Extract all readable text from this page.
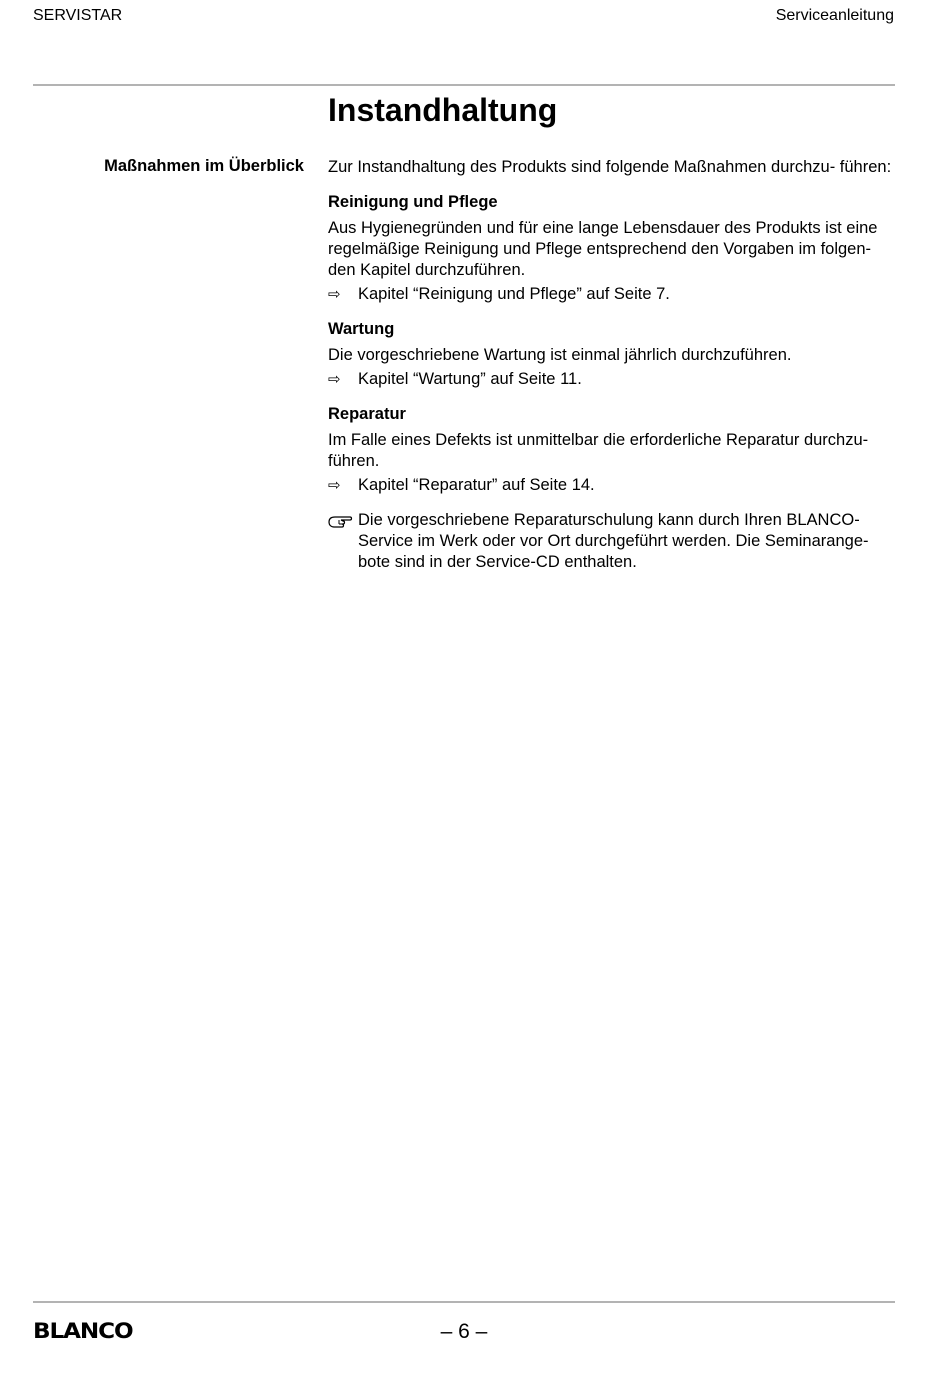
SERVISTAR	Serviceanleitung
Instandhaltung
Maßnahmen im Überblick Zur Instandhaltung des Produkts sind folgende Maßnahmen durchzu- führen:

Reinigung und Pflege

Aus Hygienegründen und für eine lange Lebensdauer des Produkts ist eine regelmäßige Reinigung und Pflege entsprechend den Vorgaben im folgen- den Kapitel durchzuführen.

⇨ Kapitel “Reinigung und Pflege” auf Seite 7.

Wartung

Die vorgeschriebene Wartung ist einmal jährlich durchzuführen.

⇨ Kapitel “Wartung” auf Seite 11.

Reparatur

Im Falle eines Defekts ist unmittelbar die erforderliche Reparatur durchzu- führen.

⇨ Kapitel “Reparatur” auf Seite 14.

Die vorgeschriebene Reparaturschulung kann durch Ihren BLANCO- Service im Werk oder vor Ort durchgeführt werden. Die Seminarange- bote sind in der Service-CD enthalten.

BLANCO	– 6 –
